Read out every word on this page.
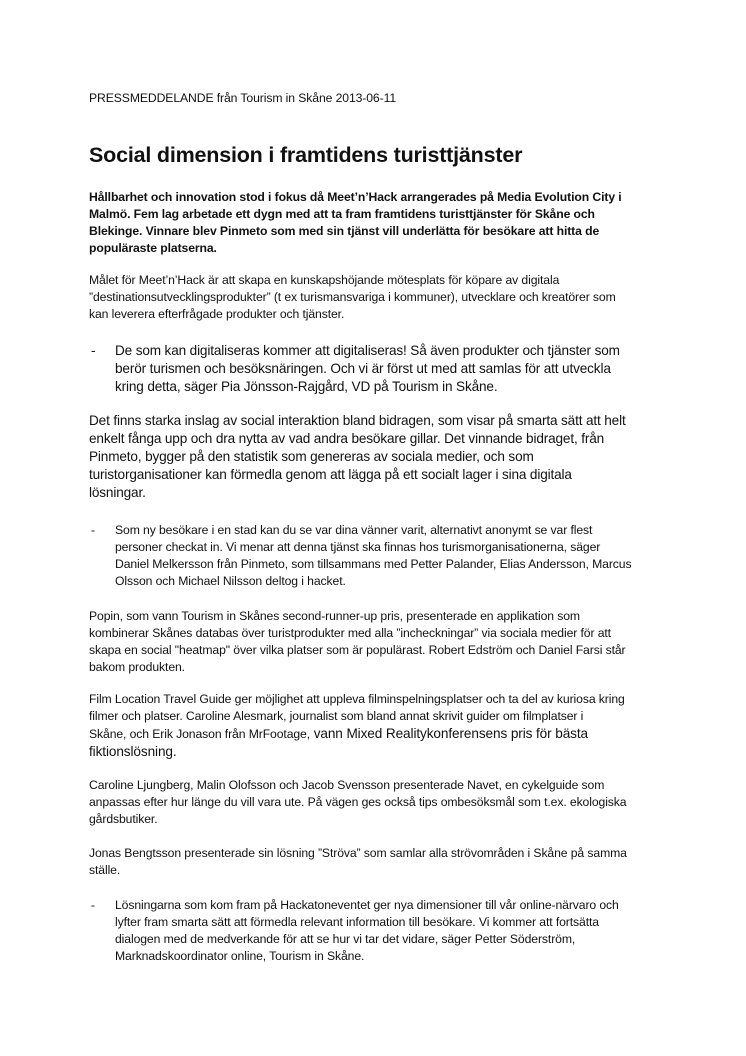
PRESSMEDDELANDE från Tourism in Skåne 2013-06-11
Social dimension i framtidens turisttjänster
Hållbarhet och innovation stod i fokus då Meet’n’Hack arrangerades på Media Evolution City i
Malmö. Fem lag arbetade ett dygn med att ta fram framtidens turisttjänster för Skåne och
Blekinge. Vinnare blev Pinmeto som med sin tjänst vill underlätta för besökare att hitta de
populäraste platserna.
Målet för Meet’n’Hack är att skapa en kunskapshöjande mötesplats för köpare av digitala
”destinationsutvecklingsprodukter” (t ex turismansvariga i kommuner), utvecklare och kreatörer som
kan leverera efterfrågade produkter och tjänster.
- De som kan digitaliseras kommer att digitaliseras! Så även produkter och tjänster som
berör turismen och besöksnäringen. Och vi är först ut med att samlas för att utveckla
kring detta, säger Pia Jönsson-Rajgård, VD på Tourism in Skåne.
Det finns starka inslag av social interaktion bland bidragen, som visar på smarta sätt att helt
enkelt fånga upp och dra nytta av vad andra besökare gillar. Det vinnande bidraget, från
Pinmeto, bygger på den statistik som genereras av sociala medier, och som
turistorganisationer kan förmedla genom att lägga på ett socialt lager i sina digitala
lösningar.
- Som ny besökare i en stad kan du se var dina vänner varit, alternativt anonymt se var flest
personer checkat in. Vi menar att denna tjänst ska finnas hos turismorganisationerna, säger
Daniel Melkersson från Pinmeto, som tillsammans med Petter Palander, Elias Andersson, Marcus
Olsson och Michael Nilsson deltog i hacket.
Popin, som vann Tourism in Skånes second-runner-up pris, presenterade en applikation som
kombinerar Skånes databas över turistprodukter med alla ”incheckningar” via sociala medier för att
skapa en social "heatmap" över vilka platser som är populärast. Robert Edström och Daniel Farsi står
bakom produkten.
Film Location Travel Guide ger möjlighet att uppleva filminspelningsplatser och ta del av kuriosa kring
filmer och platser. Caroline Alesmark, journalist som bland annat skrivit guider om filmplatser i
Skåne, och Erik Jonason från MrFootage, vann Mixed Realitykonferensens pris för bästa
fiktionslösning.
Caroline Ljungberg, Malin Olofsson och Jacob Svensson presenterade Navet, en cykelguide som
anpassas efter hur länge du vill vara ute. På vägen ges också tips ombesöksmål som t.ex. ekologiska
gårdsbutiker.
Jonas Bengtsson presenterade sin lösning ”Ströva” som samlar alla strövområden i Skåne på samma
ställe.
- Lösningarna som kom fram på Hackatoneventet ger nya dimensioner till vår online-närvaro och
lyfter fram smarta sätt att förmedla relevant information till besökare. Vi kommer att fortsätta
dialogen med de medverkande för att se hur vi tar det vidare, säger Petter Söderström,
Marknadskoordinator online, Tourism in Skåne.
